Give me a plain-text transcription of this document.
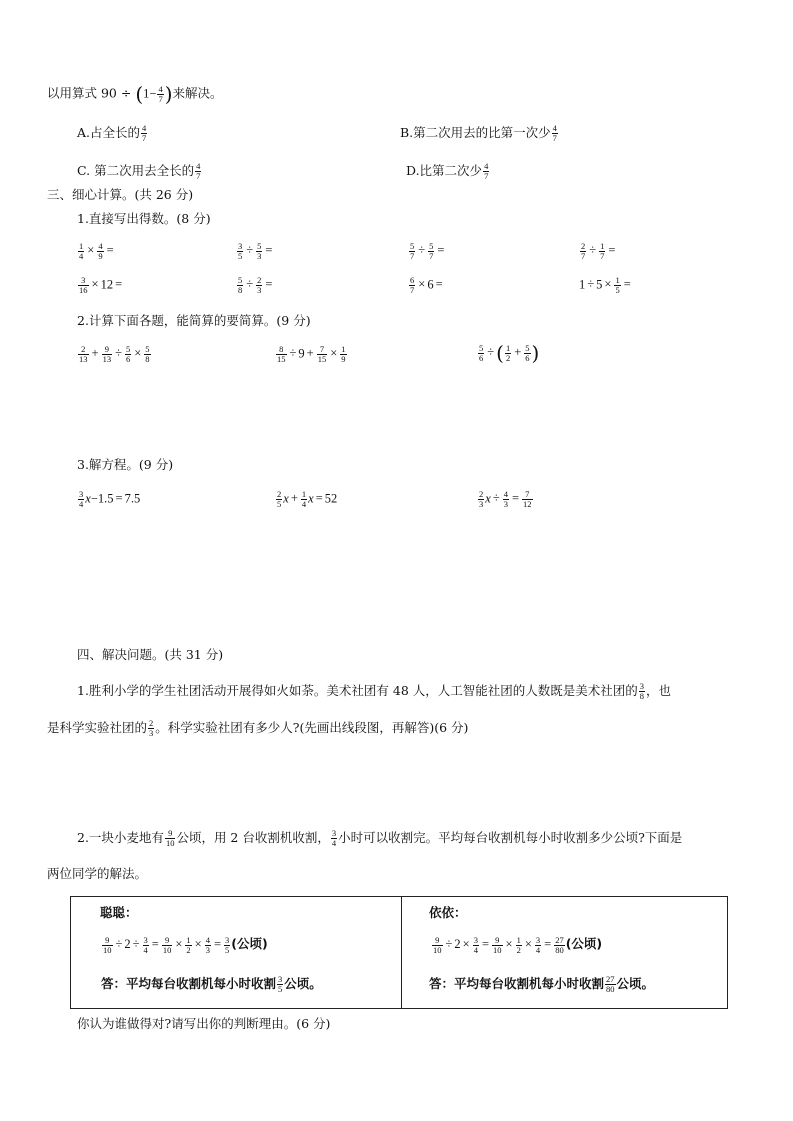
以用算式 $90 \div (1- \frac{4}{7}$ )来解决。
A.占全长的 $\frac{4}{7}$	B.第二次用去的比第一次少 $\frac{4}{7}$
C. 第二次用去全长的 $\frac{4}{7}$	D.比第二次少 $\frac{4}{7}$
三、细心计算。(共 26 分)
1.直接写出得数。(8 分)
$\frac{1}{4} \times \frac{4}{9}$ =	$\frac{3}{5} \div \frac{5}{3}$ =	$\frac{5}{7} \div \frac{5}{7}$ =	$\frac{2}{7} \div \frac{1}{7}$ =
$\frac{3}{16} \times 12$ =	$\frac{5}{8} \div \frac{2}{3}$ =	$\frac{6}{7} \times 6$ =	$1 \div 5 \times \frac{1}{5}$ =
2.计算下面各题，能简算的要简算。(9 分)
$\frac{2}{13} + \frac{9}{13} \div \frac{5}{6} \times \frac{5}{8}$	$\frac{8}{15} \div 9 + \frac{7}{15} \times \frac{1}{9}$	$\frac{5}{6}$ ÷ ( $\frac{1}{2} + \frac{5}{6}$ )
3.解方程。(9 分)
$\frac{3}{4} x-1.5 = 7.5$	$\frac{2}{5}$ $x + \frac{1}{4}$ x = 52	$\frac{2}{3}$ $x \div \frac{4}{3} = \frac{7}{12}$
四、解决问题。(共 31 分)
1.胜利小学的学生社团活动开展得如火如荼。美术社团有 48 人，人工智能社团的人数既是美术社团的 $\frac{3}{8}$ ，也
是科学实验社团的 $\frac{2}{3}$ 。科学实验社团有多少人?(先画出线段图，再解答)(6 分)
2.一块小麦地有 $\frac{9}{10}$ 公顷，用 2 台收割机收割， $\frac{3}{4}$ 小时可以收割完。平均每台收割机每小时收割多少公顷?下面是
两位同学的解法。
聪聪：
$\frac{9}{10} \div 2 \div \frac{3}{4} = \frac{9}{10} \times \frac{1}{2} \times \frac{4}{3} = \frac{3}{5}$ (公顷)
答：平均每台收割机每小时收割 $\frac{3}{5}$ 公顷。
依依：
$\frac{9}{10} \div 2 \times \frac{3}{4} = \frac{9}{10} \times \frac{1}{2} \times \frac{3}{4} = \frac{27}{80}$ (公顷)
答：平均每台收割机每小时收割 $\frac{27}{80}$ 公顷。
你认为谁做得对?请写出你的判断理由。(6 分)
